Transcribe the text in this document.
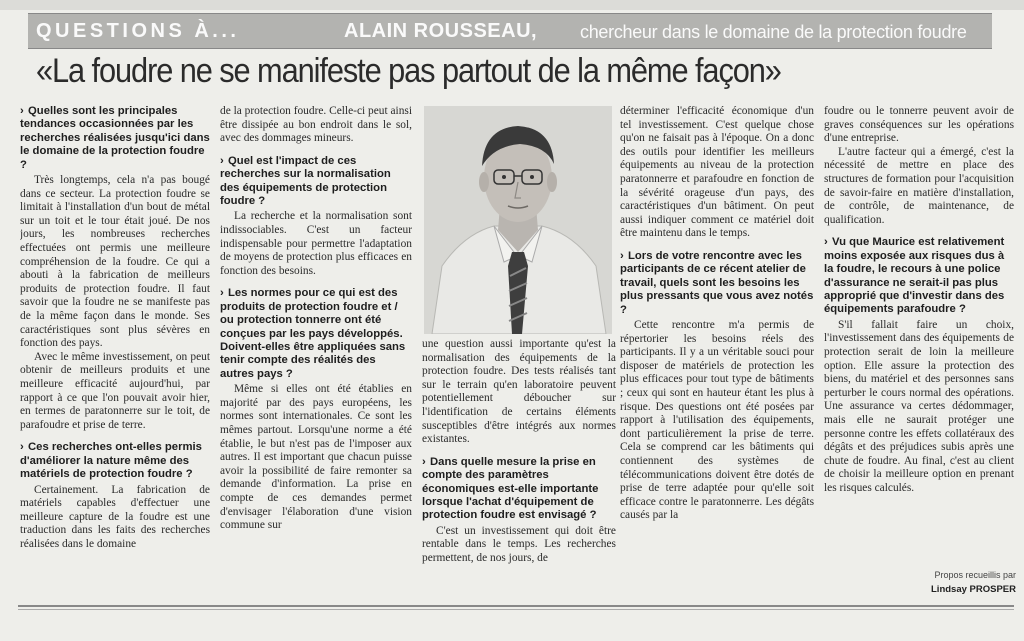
QUESTIONS À...	ALAIN ROUSSEAU, chercheur dans le domaine de la protection foudre
«La foudre ne se manifeste pas partout de la même façon»
› Quelles sont les principales tendances occasionnées par les recherches réalisées jusqu'ici dans le domaine de la protection foudre ?

Très longtemps, cela n'a pas bougé dans ce secteur. La protection foudre se limitait à l'installation d'un bout de métal sur un toit et le tour était joué. De nos jours, les nombreuses recherches effectuées ont permis une meilleure compréhension de la foudre. Ce qui a abouti à la fabrication de meilleurs produits de protection foudre. Il faut savoir que la foudre ne se manifeste pas de la même façon dans le monde. Ses caractéristiques sont plus sévères en fonction des pays.

Avec le même investissement, on peut obtenir de meilleurs produits et une meilleure efficacité aujourd'hui, par rapport à ce que l'on pouvait avoir hier, en termes de paratonnerre sur le toit, de parafoudre et prise de terre.

› Ces recherches ont-elles permis d'améliorer la nature même des matériels de protection foudre ?

Certainement. La fabrication de matériels capables d'effectuer une meilleure capture de la foudre est une traduction dans les faits des recherches réalisées dans le domaine

de la protection foudre. Celle-ci peut ainsi être dissipée au bon endroit dans le sol, avec des dommages mineurs.

› Quel est l'impact de ces recherches sur la normalisation des équipements de protection foudre ?

La recherche et la normalisation sont indissociables. C'est un facteur indispensable pour permettre l'adaptation de moyens de protection plus efficaces en fonction des besoins.

› Les normes pour ce qui est des produits de protection foudre et / ou protection tonnerre ont été conçues par les pays développés. Doivent-elles être appliquées sans tenir compte des réalités des autres pays ?

Même si elles ont été établies en majorité par des pays européens, les normes sont internationales. Ce sont les mêmes partout. Lorsqu'une norme a été établie, le but n'est pas de l'imposer aux autres. Il est important que chacun puisse avoir la possibilité de faire remonter sa demande d'information. La prise en compte de ces demandes permet d'envisager l'élaboration d'une vision commune sur

une question aussi importante qu'est la normalisation des équipements de la protection foudre. Des tests réalisés tant sur le terrain qu'en laboratoire peuvent potentiellement déboucher sur l'identification de certains éléments susceptibles d'être intégrés aux normes existantes.

› Dans quelle mesure la prise en compte des paramètres économiques est-elle importante lorsque l'achat d'équipement de protection foudre est envisagé ?

C'est un investissement qui doit être rentable dans le temps. Les recherches permettent, de nos jours, de

déterminer l'efficacité économique d'un tel investissement. C'est quelque chose qu'on ne faisait pas à l'époque. On a donc des outils pour identifier les meilleurs équipements au niveau de la protection paratonnerre et parafoudre en fonction de la sévérité orageuse d'un pays, des caractéristiques d'un bâtiment. On peut aussi indiquer comment ce matériel doit être maintenu dans le temps.

› Lors de votre rencontre avec les participants de ce récent atelier de travail, quels sont les besoins les plus pressants que vous avez notés ?

Cette rencontre m'a permis de répertorier les besoins réels des participants. Il y a un véritable souci pour disposer de matériels de protection les plus efficaces pour tout type de bâtiments ; ceux qui sont en hauteur étant les plus à risque. Des questions ont été posées par rapport à l'utilisation des équipements, dont particulièrement la prise de terre. Cela se comprend car les bâtiments qui contiennent des systèmes de télécommunications doivent être dotés de prise de terre adaptée pour qu'elle soit efficace contre le paratonnerre. Les dégâts causés par la

foudre ou le tonnerre peuvent avoir de graves conséquences sur les opérations d'une entreprise.

L'autre facteur qui a émergé, c'est la nécessité de mettre en place des structures de formation pour l'acquisition de savoir-faire en matière d'installation, de contrôle, de maintenance, de qualification.

› Vu que Maurice est relativement moins exposée aux risques dus à la foudre, le recours à une police d'assurance ne serait-il pas plus approprié que d'investir dans des équipements parafoudre ?

S'il fallait faire un choix, l'investissement dans des équipements de protection serait de loin la meilleure option. Elle assure la protection des biens, du matériel et des personnes sans perturber le cours normal des opérations. Une assurance va certes dédommager, mais elle ne saurait protéger une personne contre les effets collatéraux des dégâts et des préjudices subis après une chute de foudre. Au final, c'est au client de choisir la meilleure option en prenant les risques calculés.

Propos recueillis par
Lindsay PROSPER
